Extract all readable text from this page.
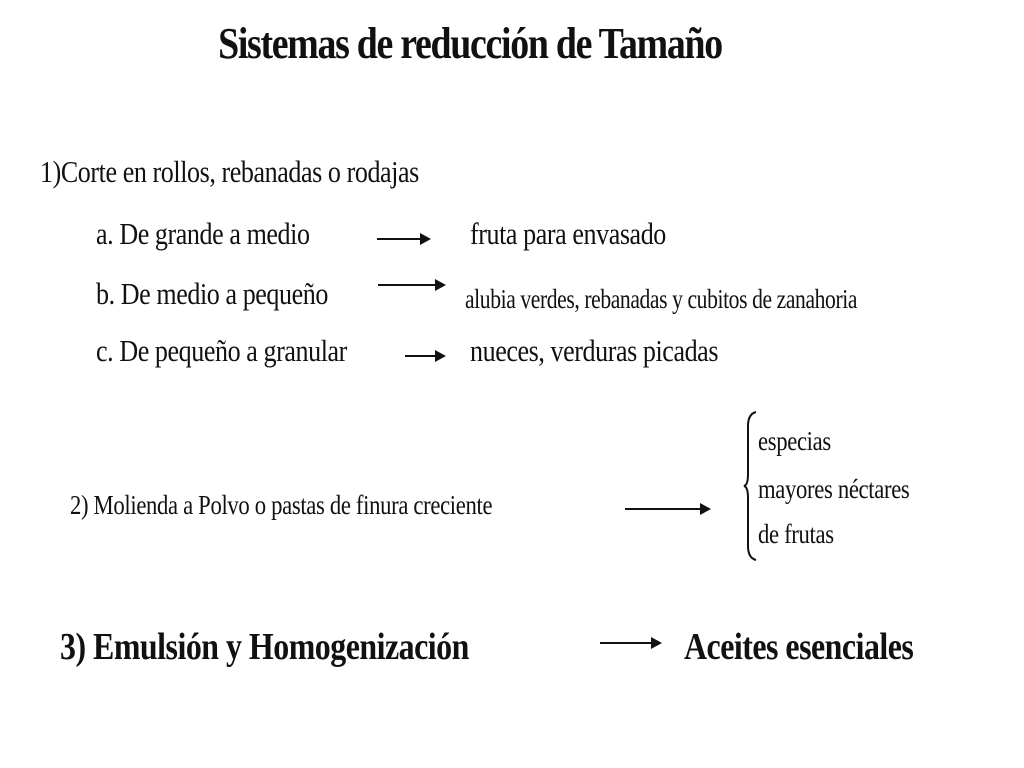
Sistemas de reducción de Tamaño
1)Corte en rollos, rebanadas o rodajas
a. De grande a medio	fruta para envasado
b. De medio a pequeño	alubia verdes, rebanadas y cubitos de zanahoria
c. De pequeño a granular	nueces, verduras picadas
2) Molienda a Polvo o pastas de finura creciente
especias
mayores néctares
de frutas
3) Emulsión y Homogenización	Aceites esenciales
